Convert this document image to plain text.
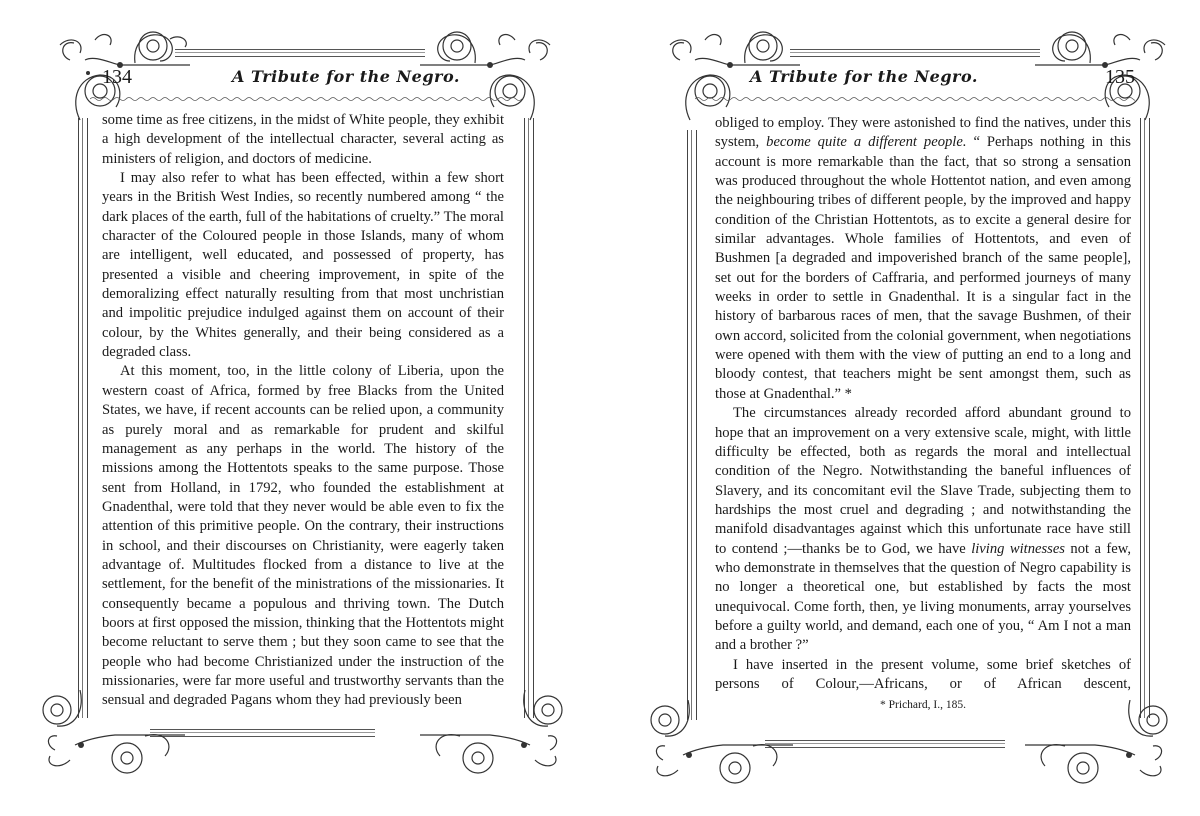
134	A Tribute for the Negro.

some time as free citizens, in the midst of White people, they exhibit a high development of the intellectual character, several acting as ministers of religion, and doctors of medicine.

I may also refer to what has been effected, within a few short years in the British West Indies, so recently numbered among “ the dark places of the earth, full of the habitations of cruelty.” The moral character of the Coloured people in those Islands, many of whom are intelligent, well educated, and possessed of property, has presented a visible and cheering improvement, in spite of the demoralizing effect naturally resulting from that most unchristian and impolitic prejudice indulged against them on account of their colour, by the Whites generally, and their being considered as a degraded class.

At this moment, too, in the little colony of Liberia, upon the western coast of Africa, formed by free Blacks from the United States, we have, if recent accounts can be relied upon, a community as purely moral and as remarkable for prudent and skilful management as any perhaps in the world. The history of the missions among the Hottentots speaks to the same purpose. Those sent from Holland, in 1792, who founded the establishment at Gnadenthal, were told that they never would be able even to fix the attention of this primitive people. On the contrary, their instructions in school, and their discourses on Christianity, were eagerly taken advantage of. Multitudes flocked from a distance to live at the settlement, for the benefit of the ministrations of the missionaries. It consequently became a populous and thriving town. The Dutch boors at first opposed the mission, thinking that the Hottentots might become reluctant to serve them ; but they soon came to see that the people who had become Christianized under the instruction of the missionaries, were far more useful and trustworthy servants than the sensual and degraded Pagans whom they had previously been

A Tribute for the Negro.	135

obliged to employ. They were astonished to find the natives, under this system, become quite a different people. “ Perhaps nothing in this account is more remarkable than the fact, that so strong a sensation was produced throughout the whole Hottentot nation, and even among the neighbouring tribes of different people, by the improved and happy condition of the Christian Hottentots, as to excite a general desire for similar advantages. Whole families of Hottentots, and even of Bushmen [a degraded and impoverished branch of the same people], set out for the borders of Caffraria, and performed journeys of many weeks in order to settle in Gnadenthal. It is a singular fact in the history of barbarous races of men, that the savage Bushmen, of their own accord, solicited from the colonial government, when negotiations were opened with them with the view of putting an end to a long and bloody contest, that teachers might be sent amongst them, such as those at Gnadenthal.” *

The circumstances already recorded afford abundant ground to hope that an improvement on a very extensive scale, might, with little difficulty be effected, both as regards the moral and intellectual condition of the Negro. Notwithstanding the baneful influences of Slavery, and its concomitant evil the Slave Trade, subjecting them to hardships the most cruel and degrading ; and notwithstanding the manifold disadvantages against which this unfortunate race have still to contend ;—thanks be to God, we have living witnesses not a few, who demonstrate in themselves that the question of Negro capability is no longer a theoretical one, but established by facts the most unequivocal. Come forth, then, ye living monuments, array yourselves before a guilty world, and demand, each one of you, “ Am I not a man and a brother ?”

I have inserted in the present volume, some brief sketches of persons of Colour,—Africans, or of African descent,

* Prichard, I., 185.
